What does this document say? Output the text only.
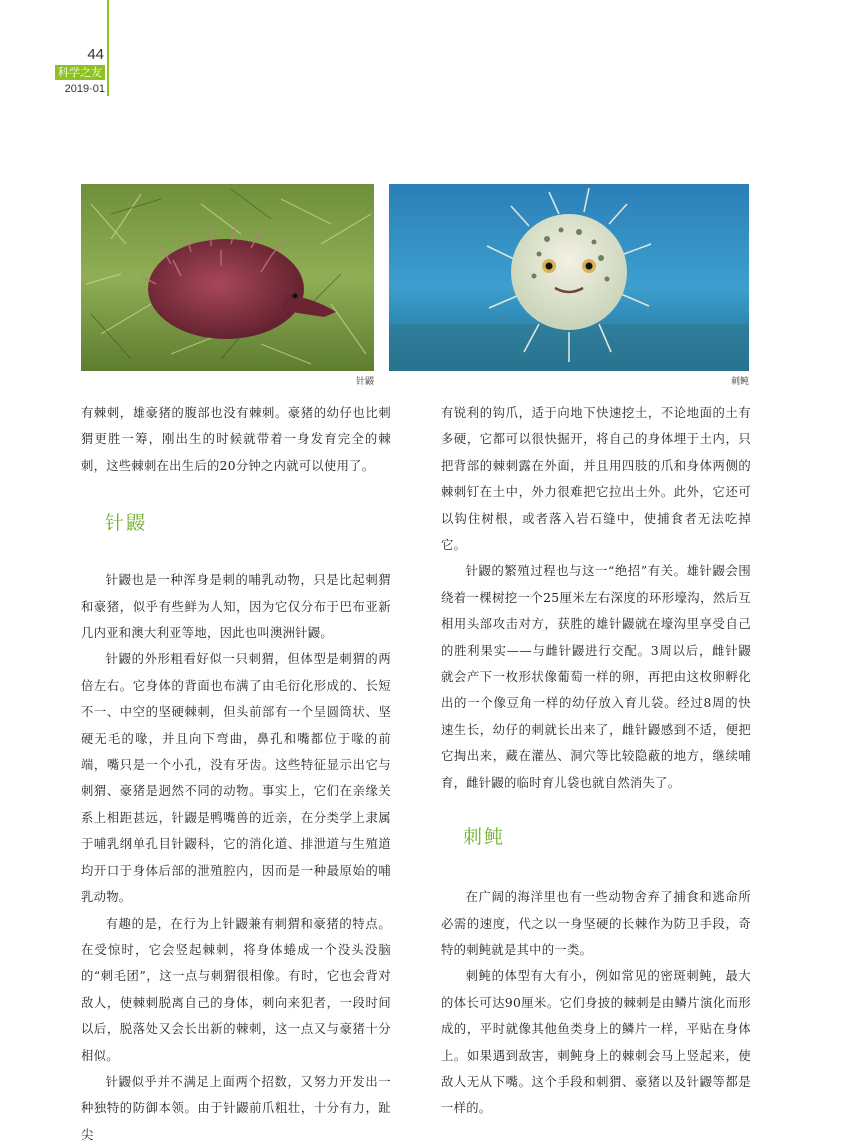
44
科学之友
2019·01
针鼹	刺鲀

有棘刺，雄豪猪的腹部也没有棘刺。豪猪的幼仔也比刺猬更胜一筹，刚出生的时候就带着一身发育完全的棘刺，这些棘刺在出生后的20分钟之内就可以使用了。

针鼹

针鼹也是一种浑身是刺的哺乳动物，只是比起刺猬和豪猪，似乎有些鲜为人知，因为它仅分布于巴布亚新几内亚和澳大利亚等地，因此也叫澳洲针鼹。

针鼹的外形粗看好似一只刺猬，但体型是刺猬的两倍左右。它身体的背面也布满了由毛衍化形成的、长短不一、中空的坚硬棘刺，但头前部有一个呈圆筒状、坚硬无毛的喙，并且向下弯曲，鼻孔和嘴都位于喙的前端，嘴只是一个小孔，没有牙齿。这些特征显示出它与刺猬、豪猪是迥然不同的动物。事实上，它们在亲缘关系上相距甚远，针鼹是鸭嘴兽的近亲，在分类学上隶属于哺乳纲单孔目针鼹科，它的消化道、排泄道与生殖道均开口于身体后部的泄殖腔内，因而是一种最原始的哺乳动物。

有趣的是，在行为上针鼹兼有刺猬和豪猪的特点。在受惊时，它会竖起棘刺，将身体蜷成一个没头没脑的“刺毛团”，这一点与刺猬很相像。有时，它也会背对敌人，使棘刺脱离自己的身体，刺向来犯者，一段时间以后，脱落处又会长出新的棘刺，这一点又与豪猪十分相似。

针鼹似乎并不满足上面两个招数，又努力开发出一种独特的防御本领。由于针鼹前爪粗壮，十分有力，趾尖

有锐利的钩爪，适于向地下快速挖土，不论地面的土有多硬，它都可以很快掘开，将自己的身体埋于土内，只把背部的棘刺露在外面，并且用四肢的爪和身体两侧的棘刺钉在土中，外力很难把它拉出土外。此外，它还可以钩住树根，或者落入岩石缝中，使捕食者无法吃掉它。

针鼹的繁殖过程也与这一“绝招”有关。雄针鼹会围绕着一棵树挖一个25厘米左右深度的环形壕沟，然后互相用头部攻击对方，获胜的雄针鼹就在壕沟里享受自己的胜利果实——与雌针鼹进行交配。3周以后，雌针鼹就会产下一枚形状像葡萄一样的卵，再把由这枚卵孵化出的一个像豆角一样的幼仔放入育儿袋。经过8周的快速生长，幼仔的刺就长出来了，雌针鼹感到不适，便把它掏出来，藏在灌丛、洞穴等比较隐蔽的地方，继续哺育，雌针鼹的临时育儿袋也就自然消失了。

刺鲀

在广阔的海洋里也有一些动物舍弃了捕食和逃命所必需的速度，代之以一身坚硬的长棘作为防卫手段，奇特的刺鲀就是其中的一类。

刺鲀的体型有大有小，例如常见的密斑刺鲀，最大的体长可达90厘米。它们身披的棘刺是由鳞片演化而形成的，平时就像其他鱼类身上的鳞片一样，平贴在身体上。如果遇到敌害，刺鲀身上的棘刺会马上竖起来，使敌人无从下嘴。这个手段和刺猬、豪猪以及针鼹等都是一样的。
